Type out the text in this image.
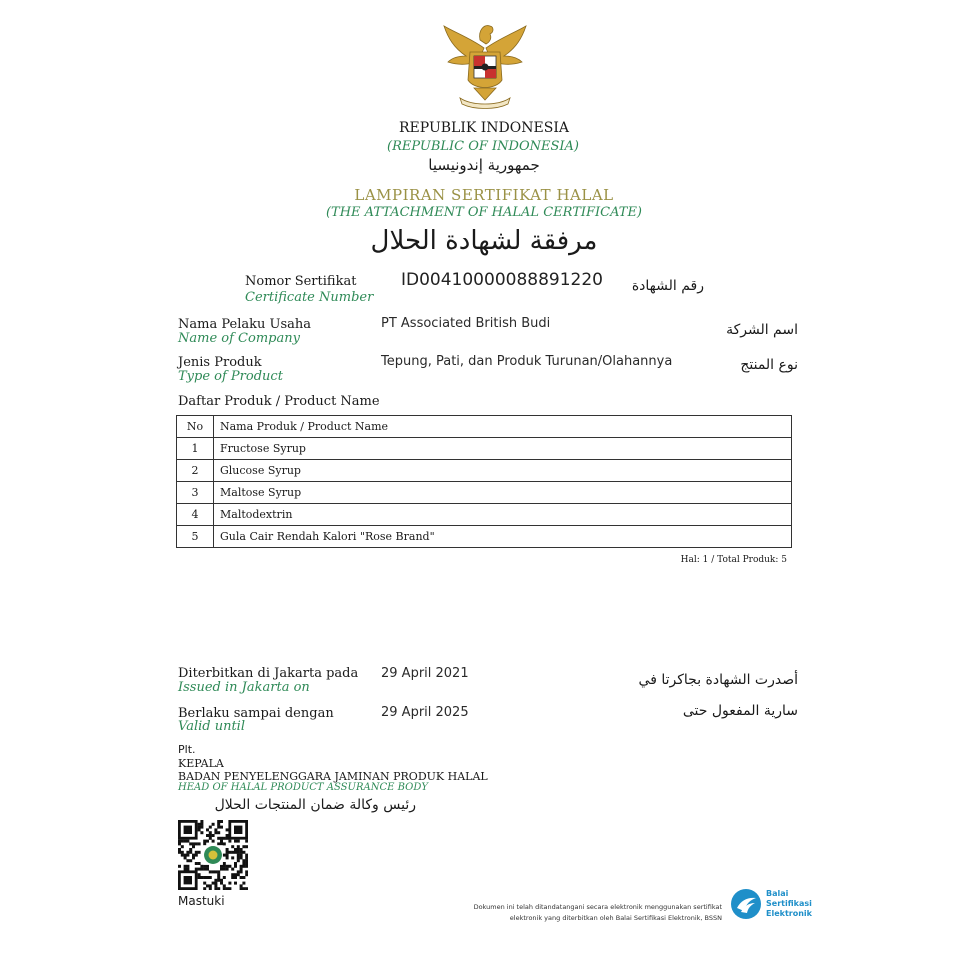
REPUBLIK INDONESIA
(REPUBLIC OF INDONESIA)
جمهورية إندونيسيا
LAMPIRAN SERTIFIKAT HALAL
(THE ATTACHMENT OF HALAL CERTIFICATE)
مرفقة لشهادة الحلال
Nomor Sertifikat
Certificate Number
ID00410000088891220	رقم الشهادة
Nama Pelaku Usaha
Name of Company
PT Associated British Budi	اسم الشركة
Jenis Produk
Type of Product
Tepung, Pati, dan Produk Turunan/Olahannya	نوع المنتج
Daftar Produk / Product Name
No	Nama Produk / Product Name
1	Fructose Syrup
2	Glucose Syrup
3	Maltose Syrup
4	Maltodextrin
5	Gula Cair Rendah Kalori "Rose Brand"
Hal: 1 / Total Produk: 5
Diterbitkan di Jakarta pada
Issued in Jakarta on
29 April 2021	أصدرت الشهادة بجاكرتا في
Berlaku sampai dengan
Valid until
29 April 2025	سارية المفعول حتى
Plt.
KEPALA
BADAN PENYELENGGARA JAMINAN PRODUK HALAL
HEAD OF HALAL PRODUCT ASSURANCE BODY
رئيس وكالة ضمان المنتجات الحلال
Mastuki	Dokumen ini telah ditandatangani secara elektronik menggunakan sertifikat
elektronik yang diterbitkan oleh Balai Sertifikasi Elektronik, BSSN
Balai
Sertifikasi
Elektronik
